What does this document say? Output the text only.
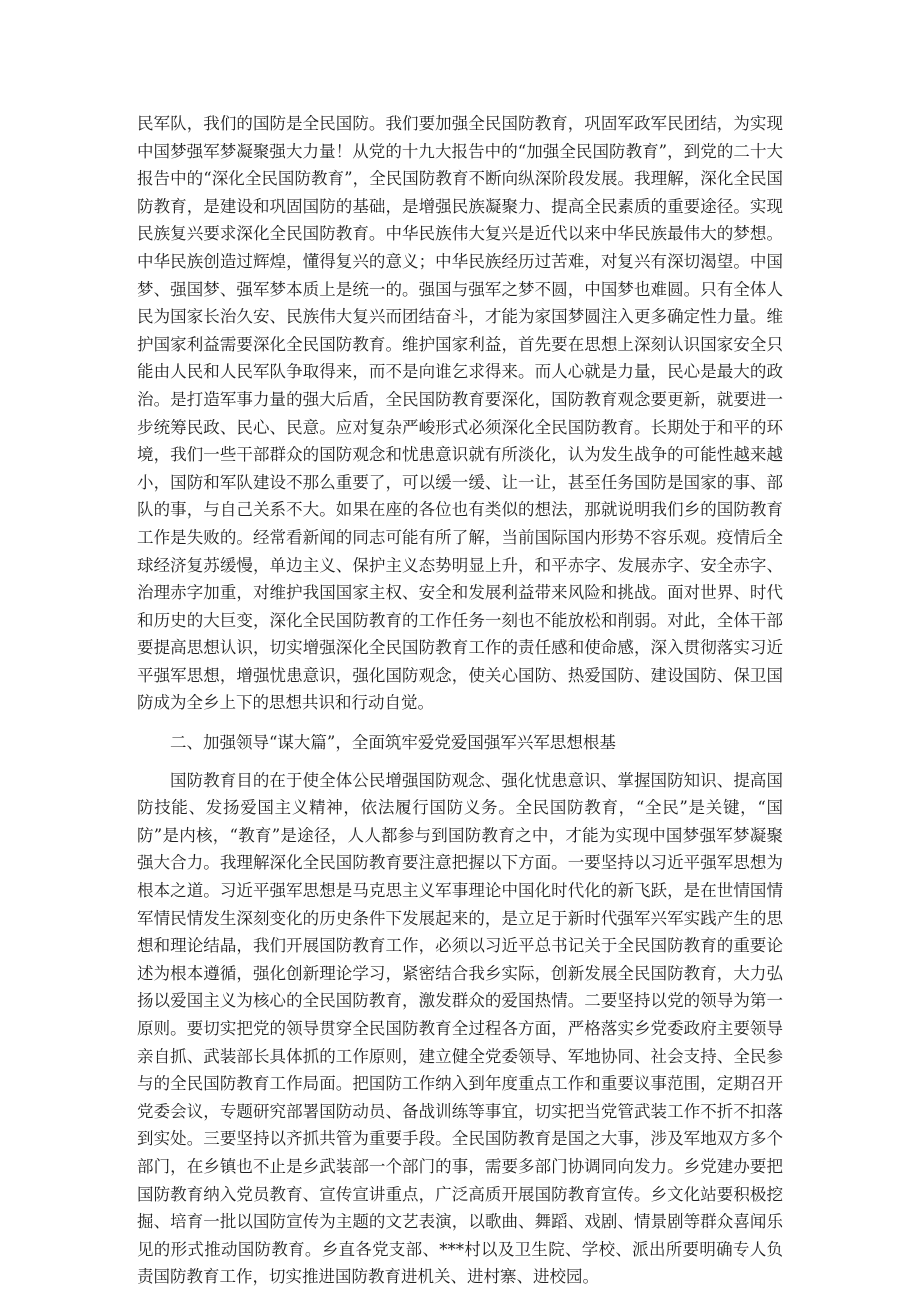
民军队，我们的国防是全民国防。我们要加强全民国防教育，巩固军政军民团结，为实现中国梦强军梦凝聚强大力量！从党的十九大报告中的“加强全民国防教育”，到党的二十大报告中的“深化全民国防教育”，全民国防教育不断向纵深阶段发展。我理解，深化全民国防教育，是建设和巩固国防的基础，是增强民族凝聚力、提高全民素质的重要途径。实现民族复兴要求深化全民国防教育。中华民族伟大复兴是近代以来中华民族最伟大的梦想。中华民族创造过辉煌，懂得复兴的意义；中华民族经历过苦难，对复兴有深切渴望。中国梦、强国梦、强军梦本质上是统一的。强国与强军之梦不圆，中国梦也难圆。只有全体人民为国家长治久安、民族伟大复兴而团结奋斗，才能为家国梦圆注入更多确定性力量。维护国家利益需要深化全民国防教育。维护国家利益，首先要在思想上深刻认识国家安全只能由人民和人民军队争取得来，而不是向谁乞求得来。而人心就是力量，民心是最大的政治。是打造军事力量的强大后盾，全民国防教育要深化，国防教育观念要更新，就要进一步统筹民政、民心、民意。应对复杂严峻形式必须深化全民国防教育。长期处于和平的环境，我们一些干部群众的国防观念和忧患意识就有所淡化，认为发生战争的可能性越来越小，国防和军队建设不那么重要了，可以缓一缓、让一让，甚至任务国防是国家的事、部队的事，与自己关系不大。如果在座的各位也有类似的想法，那就说明我们乡的国防教育工作是失败的。经常看新闻的同志可能有所了解，当前国际国内形势不容乐观。疫情后全球经济复苏缓慢，单边主义、保护主义态势明显上升，和平赤字、发展赤字、安全赤字、治理赤字加重，对维护我国国家主权、安全和发展利益带来风险和挑战。面对世界、时代和历史的大巨变，深化全民国防教育的工作任务一刻也不能放松和削弱。对此，全体干部要提高思想认识，切实增强深化全民国防教育工作的责任感和使命感，深入贯彻落实习近平强军思想，增强忧患意识，强化国防观念，使关心国防、热爱国防、建设国防、保卫国防成为全乡上下的思想共识和行动自觉。

二、加强领导“谋大篇”，全面筑牢爱党爱国强军兴军思想根基

国防教育目的在于使全体公民增强国防观念、强化忧患意识、掌握国防知识、提高国防技能、发扬爱国主义精神，依法履行国防义务。全民国防教育，“全民”是关键，“国防”是内核，“教育”是途径，人人都参与到国防教育之中，才能为实现中国梦强军梦凝聚强大合力。我理解深化全民国防教育要注意把握以下方面。一要坚持以习近平强军思想为根本之道。习近平强军思想是马克思主义军事理论中国化时代化的新飞跃，是在世情国情军情民情发生深刻变化的历史条件下发展起来的，是立足于新时代强军兴军实践产生的思想和理论结晶，我们开展国防教育工作，必须以习近平总书记关于全民国防教育的重要论述为根本遵循，强化创新理论学习，紧密结合我乡实际，创新发展全民国防教育，大力弘扬以爱国主义为核心的全民国防教育，激发群众的爱国热情。二要坚持以党的领导为第一原则。要切实把党的领导贯穿全民国防教育全过程各方面，严格落实乡党委政府主要领导亲自抓、武装部长具体抓的工作原则，建立健全党委领导、军地协同、社会支持、全民参与的全民国防教育工作局面。把国防工作纳入到年度重点工作和重要议事范围，定期召开党委会议，专题研究部署国防动员、备战训练等事宜，切实把当党管武装工作不折不扣落到实处。三要坚持以齐抓共管为重要手段。全民国防教育是国之大事，涉及军地双方多个部门，在乡镇也不止是乡武装部一个部门的事，需要多部门协调同向发力。乡党建办要把国防教育纳入党员教育、宣传宣讲重点，广泛高质开展国防教育宣传。乡文化站要积极挖掘、培育一批以国防宣传为主题的文艺表演，以歌曲、舞蹈、戏剧、情景剧等群众喜闻乐见的形式推动国防教育。乡直各党支部、***村以及卫生院、学校、派出所要明确专人负责国防教育工作，切实推进国防教育进机关、进村寨、进校园。
